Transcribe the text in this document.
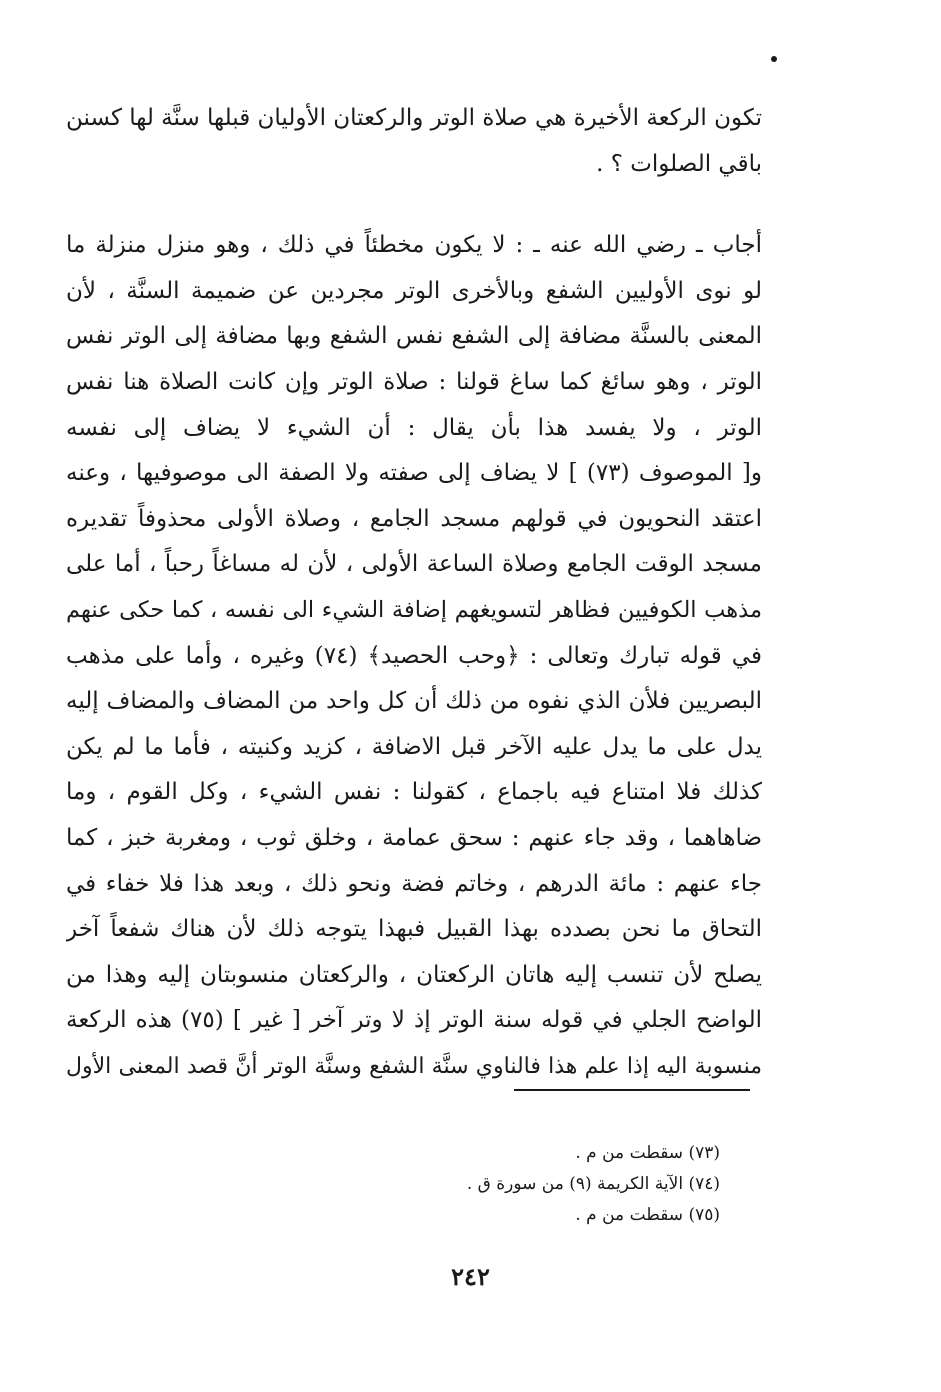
تكون الركعة الأخيرة هي صلاة الوتر والركعتان الأوليان قبلها سنَّة لها كسنن
باقي الصلوات ؟ .
أجاب ـ رضي الله عنه ـ : لا يكون مخطئاً في ذلك ، وهو منزل منزلة ما
لو نوى الأوليين الشفع وبالأخرى الوتر مجردين عن ضميمة السنَّة ، لأن
المعنى بالسنَّة مضافة إلى الشفع نفس الشفع وبها مضافة إلى الوتر نفس
الوتر ، وهو سائغ كما ساغ قولنا : صلاة الوتر وإن كانت الصلاة هنا نفس
الوتر ، ولا يفسد هذا بأن يقال : أن الشيء لا يضاف إلى نفسه
و[ الموصوف (٧٣) ] لا يضاف إلى صفته ولا الصفة الى موصوفيها ، وعنه
اعتقد النحويون في قولهم مسجد الجامع ، وصلاة الأولى محذوفاً تقديره
مسجد الوقت الجامع وصلاة الساعة الأولى ، لأن له مساغاً رحباً ، أما على
مذهب الكوفيين فظاهر لتسويغهم إضافة الشيء الى نفسه ، كما حكى عنهم
في قوله تبارك وتعالى : ﴿وحب الحصيد﴾ (٧٤) وغيره ، وأما على مذهب
البصريين فلأن الذي نفوه من ذلك أن كل واحد من المضاف والمضاف إليه
يدل على ما يدل عليه الآخر قبل الاضافة ، كزيد وكنيته ، فأما ما لم يكن
كذلك فلا امتناع فيه باجماع ، كقولنا : نفس الشيء ، وكل القوم ، وما
ضاهاهما ، وقد جاء عنهم : سحق عمامة ، وخلق ثوب ، ومغربة خبز ، كما
جاء عنهم : مائة الدرهم ، وخاتم فضة ونحو ذلك ، وبعد هذا فلا خفاء في
التحاق ما نحن بصدده بهذا القبيل فبهذا يتوجه ذلك لأن هناك شفعاً آخر
يصلح لأن تنسب إليه هاتان الركعتان ، والركعتان منسوبتان إليه وهذا من
الواضح الجلي في قوله سنة الوتر إذ لا وتر آخر [ غير ] (٧٥) هذه الركعة
منسوبة اليه إذا علم هذا فالناوي سنَّة الشفع وسنَّة الوتر أنَّ قصد المعنى الأول
(٧٣) سقطت من م .
(٧٤) الآية الكريمة (٩) من سورة ق .
(٧٥) سقطت من م .
٢٤٢
